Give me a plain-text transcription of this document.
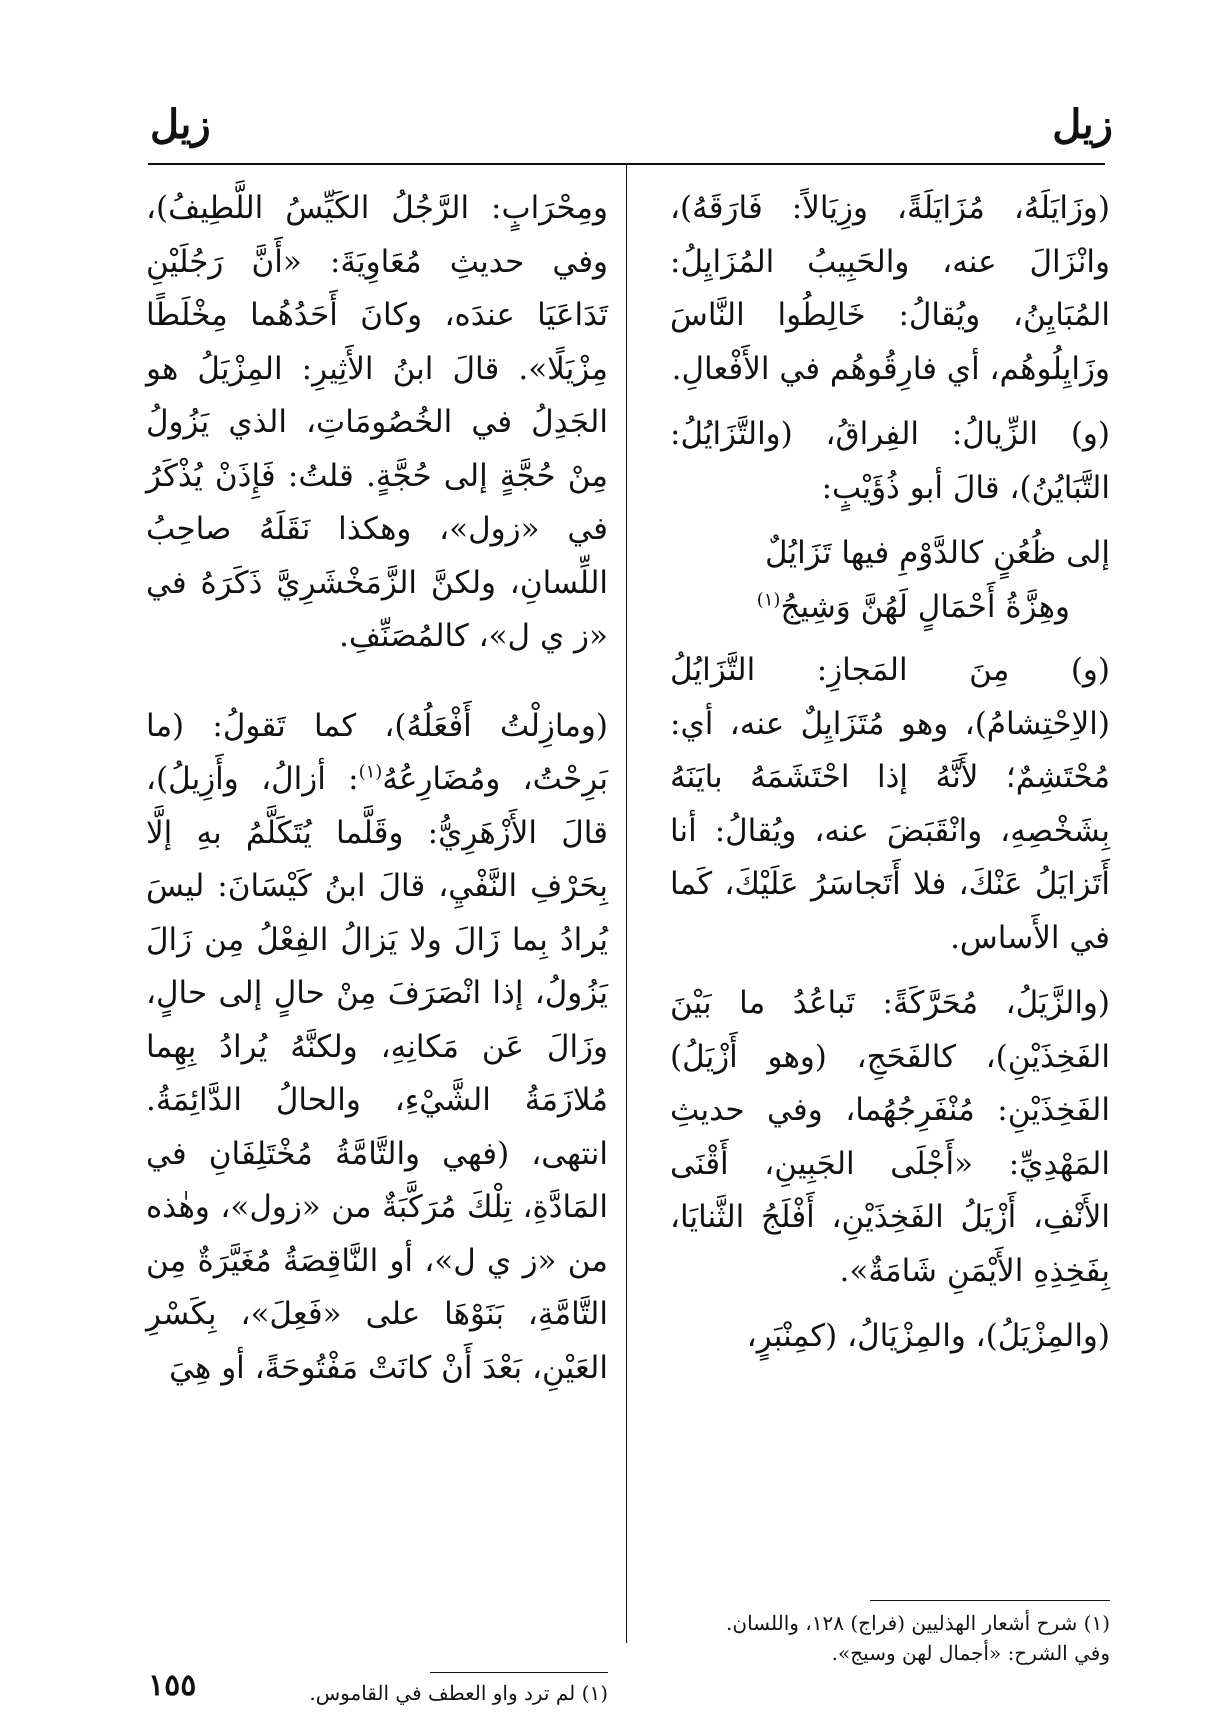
زيل
زيل

(وزَايَلَهُ، مُزَايَلَةً، وزِيَالاً: فَارَقَهُ)، وانْزَالَ عنه، والحَبِيبُ المُزَايِلُ: المُبَايِنُ، ويُقالُ: خَالِطُوا النَّاسَ وزَايِلُوهُم، أي فارِقُوهُم في الأَفْعالِ.

(و) الزِّيالُ: الفِراقُ، (والتَّزَايُلُ: التَّبَايُنُ)، قالَ أبو ذُؤَيْبٍ:

إلى ظُعُنٍ كالدَّوْمِ فيها تَزَايُلٌ
وهِزَّةُ أَحْمَالٍ لَهُنَّ وَشِيجُ$^{(١)}$

(و) مِنَ المَجازِ: التَّزَايُلُ (الاِحْتِشامُ)، وهو مُتَزَايِلٌ عنه، أي: مُحْتَشِمٌ؛ لأَنَّهُ إذا احْتَشَمَهُ بايَنَهُ بِشَخْصِهِ، وانْقَبَضَ عنه، ويُقالُ: أنا أَتَزايَلُ عَنْكَ، فلا أَتَجاسَرُ عَلَيْكَ، كَما في الأَساس.

(والزَّيَلُ، مُحَرَّكَةً: تَباعُدُ ما بَيْنَ الفَخِذَيْنِ)، كالفَحَجِ، (وهو أَزْيَلُ) الفَخِذَيْنِ: مُنْفَرِجُهُما، وفي حديثِ المَهْدِيِّ: «أَجْلَى الجَبِينِ، أَقْنَى الأَنْفِ، أَزْيَلُ الفَخِذَيْنِ، أَفْلَجُ الثَّنايَا، بِفَخِذِهِ الأَيْمَنِ شَامَةٌ».

(والمِزْيَلُ)، والمِزْيَالُ، (كمِنْبَرٍ،

(١) شرح أشعار الهذليين (فراج) ١٢٨، واللسان.
وفي الشرح: «أجمال لهن وسيج».

ومِحْرَابٍ: الرَّجُلُ الكَيِّسُ اللَّطِيفُ)، وفي حديثِ مُعَاوِيَةَ: «أَنَّ رَجُلَيْنِ تَدَاعَيَا عندَه، وكانَ أَحَدُهُما مِخْلَطًا مِزْيَلًا». قالَ ابنُ الأَثِيرِ: المِزْيَلُ هو الجَدِلُ في الخُصُومَاتِ، الذي يَزُولُ مِنْ حُجَّةٍ إلى حُجَّةٍ. قلتُ: فَإِذَنْ يُذْكَرُ في «زول»، وهكذا نَقَلَهُ صاحِبُ اللِّسانِ، ولكنَّ الزَّمَخْشَرِيَّ ذَكَرَهُ في «ز ي ل»، كالمُصَنِّفِ.

(ومازِلْتُ أَفْعَلُهُ)، كما تَقولُ: (ما بَرِحْتُ، ومُضَارِعُهُ$^{(١)}$: أزالُ، وأَزِيلُ)، قالَ الأَزْهَرِيُّ: وقَلَّما يُتَكَلَّمُ بهِ إلَّا بِحَرْفِ النَّفْيِ، قالَ ابنُ كَيْسَانَ: ليسَ يُرادُ بِما زَالَ ولا يَزالُ الفِعْلُ مِن زَالَ يَزُولُ، إذا انْصَرَفَ مِنْ حالٍ إلى حالٍ، وزَالَ عَن مَكانِهِ، ولكنَّهُ يُرادُ بِهِما مُلازَمَةُ الشَّيْءِ، والحالُ الدَّائِمَةُ. انتهى، (فهي والتَّامَّةُ مُخْتَلِفَانِ في المَادَّةِ، تِلْكَ مُرَكَّبَةٌ من «زول»، وهٰذه من «ز ي ل»، أو النَّاقِصَةُ مُغَيَّرَةٌ مِن التَّامَّةِ، بَنَوْهَا على «فَعِلَ»، بِكَسْرِ العَيْنِ، بَعْدَ أَنْ كانَتْ مَفْتُوحَةً، أو هِيَ

(١) لم ترد واو العطف في القاموس.
١٥٥
